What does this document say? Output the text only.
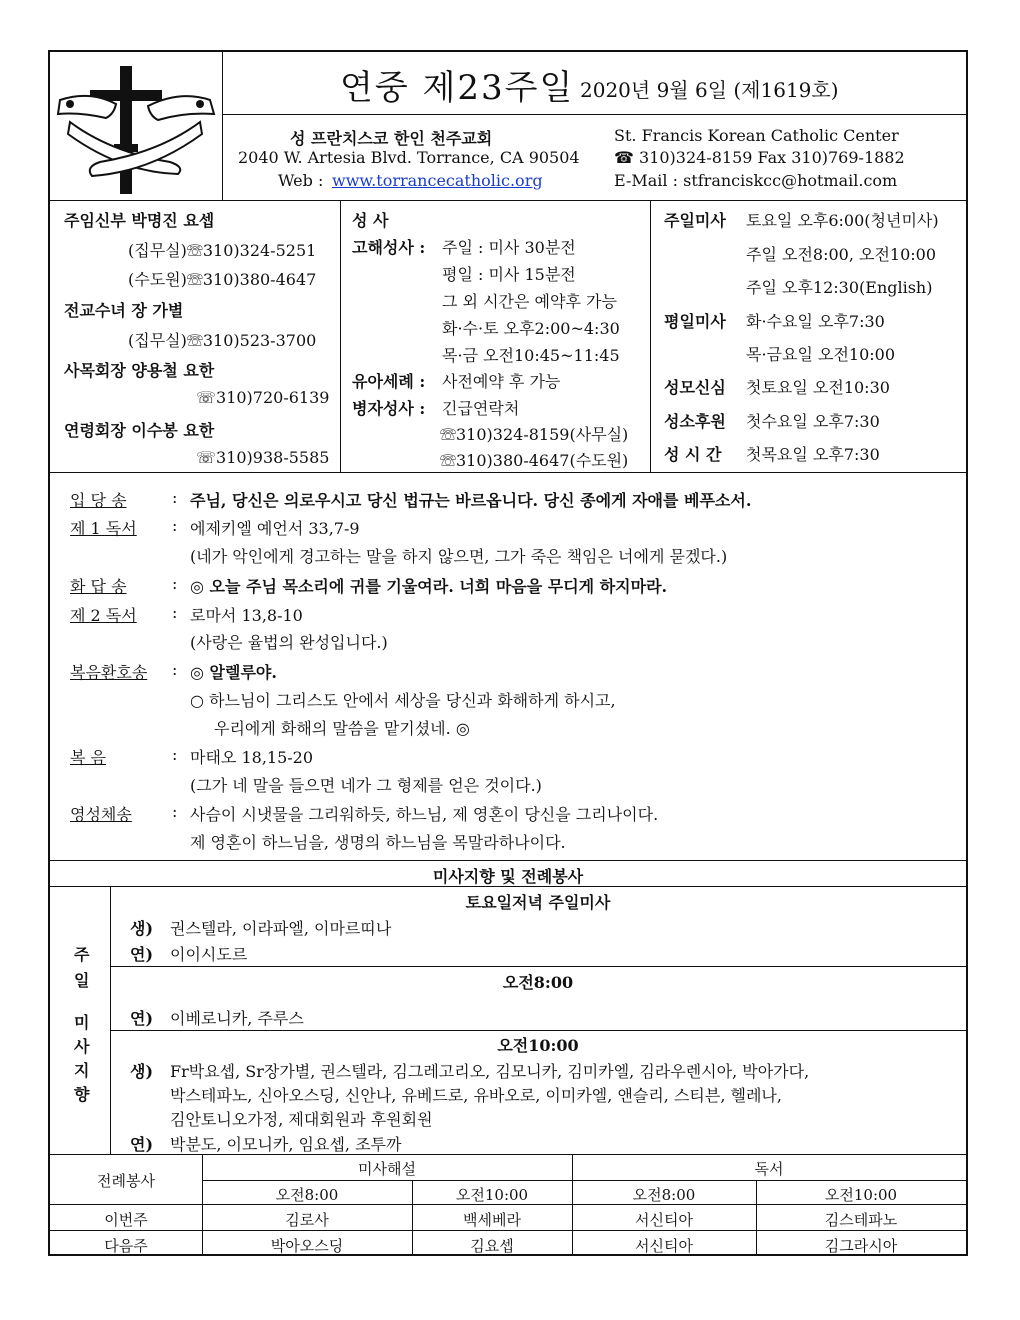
연중 제23주일 2020년 9월 6일 (제1619호)
성 프란치스코 한인 천주교회
2040 W. Artesia Blvd. Torrance, CA 90504
Web : www.torrancecatholic.org
St. Francis Korean Catholic Center
☎ 310)324-8159 Fax 310)769-1882
E-Mail : stfranciskcc@hotmail.com
주임신부 박명진 요셉
(집무실)☏310)324-5251
(수도원)☏310)380-4647
전교수녀 장 가별
(집무실)☏310)523-3700
사목회장 양용철 요한
☏310)720-6139
연령회장 이수봉 요한
☏310)938-5585
성 사
고해성사 : 주일 : 미사 30분전
평일 : 미사 15분전
그 외 시간은 예약후 가능
화·수·토 오후2:00~4:30
목·금 오전10:45~11:45
유아세례 : 사전예약 후 가능
병자성사 : 긴급연락처
☏310)324-8159(사무실)
☏310)380-4647(수도원)
주일미사 토요일 오후6:00(청년미사)
주일 오전8:00, 오전10:00
주일 오후12:30(English)
평일미사 화·수요일 오후7:30
목·금요일 오전10:00
성모신심 첫토요일 오전10:30
성소후원 첫수요일 오후7:30
성 시 간 첫목요일 오후7:30
입 당 송	: 주님, 당신은 의로우시고 당신 법규는 바르옵니다. 당신 종에게 자애를 베푸소서.
제 1 독서 : 에제키엘 예언서 33,7-9
(네가 악인에게 경고하는 말을 하지 않으면, 그가 죽은 책임은 너에게 묻겠다.)
화 답 송	: ◎ 오늘 주님 목소리에 귀를 기울여라. 너희 마음을 무디게 하지마라.
제 2 독서 : 로마서 13,8-10
(사랑은 율법의 완성입니다.)
복음환호송 : ◎ 알렐루야.
○ 하느님이 그리스도 안에서 세상을 당신과 화해하게 하시고,
우리에게 화해의 말씀을 맡기셨네. ◎
복 음	: 마태오 18,15-20
(그가 네 말을 들으면 네가 그 형제를 얻은 것이다.)
영성체송	: 사슴이 시냇물을 그리워하듯, 하느님, 제 영혼이 당신을 그리나이다.
제 영혼이 하느님을, 생명의 하느님을 목말라하나이다.
미사지향 및 전례봉사
주
일
미
사
지
향
토요일저녁 주일미사
생) 권스텔라, 이라파엘, 이마르띠나
연) 이이시도르
오전8:00
연) 이베로니카, 주루스
오전10:00
생) Fr박요셉, Sr장가별, 권스텔라, 김그레고리오, 김모니카, 김미카엘, 김라우렌시아, 박아가다,
박스테파노, 신아오스딩, 신안나, 유베드로, 유바오로, 이미카엘, 앤슬리, 스티븐, 헬레나,
김안토니오가정, 제대회원과 후원회원
연) 박분도, 이모니카, 임요셉, 조투까
전례봉사
미사해설	독서
오전8:00	오전10:00	오전8:00	오전10:00
이번주	김로사	백세베라	서신티아	김스테파노
다음주	박아오스딩	김요셉	서신티아	김그라시아
